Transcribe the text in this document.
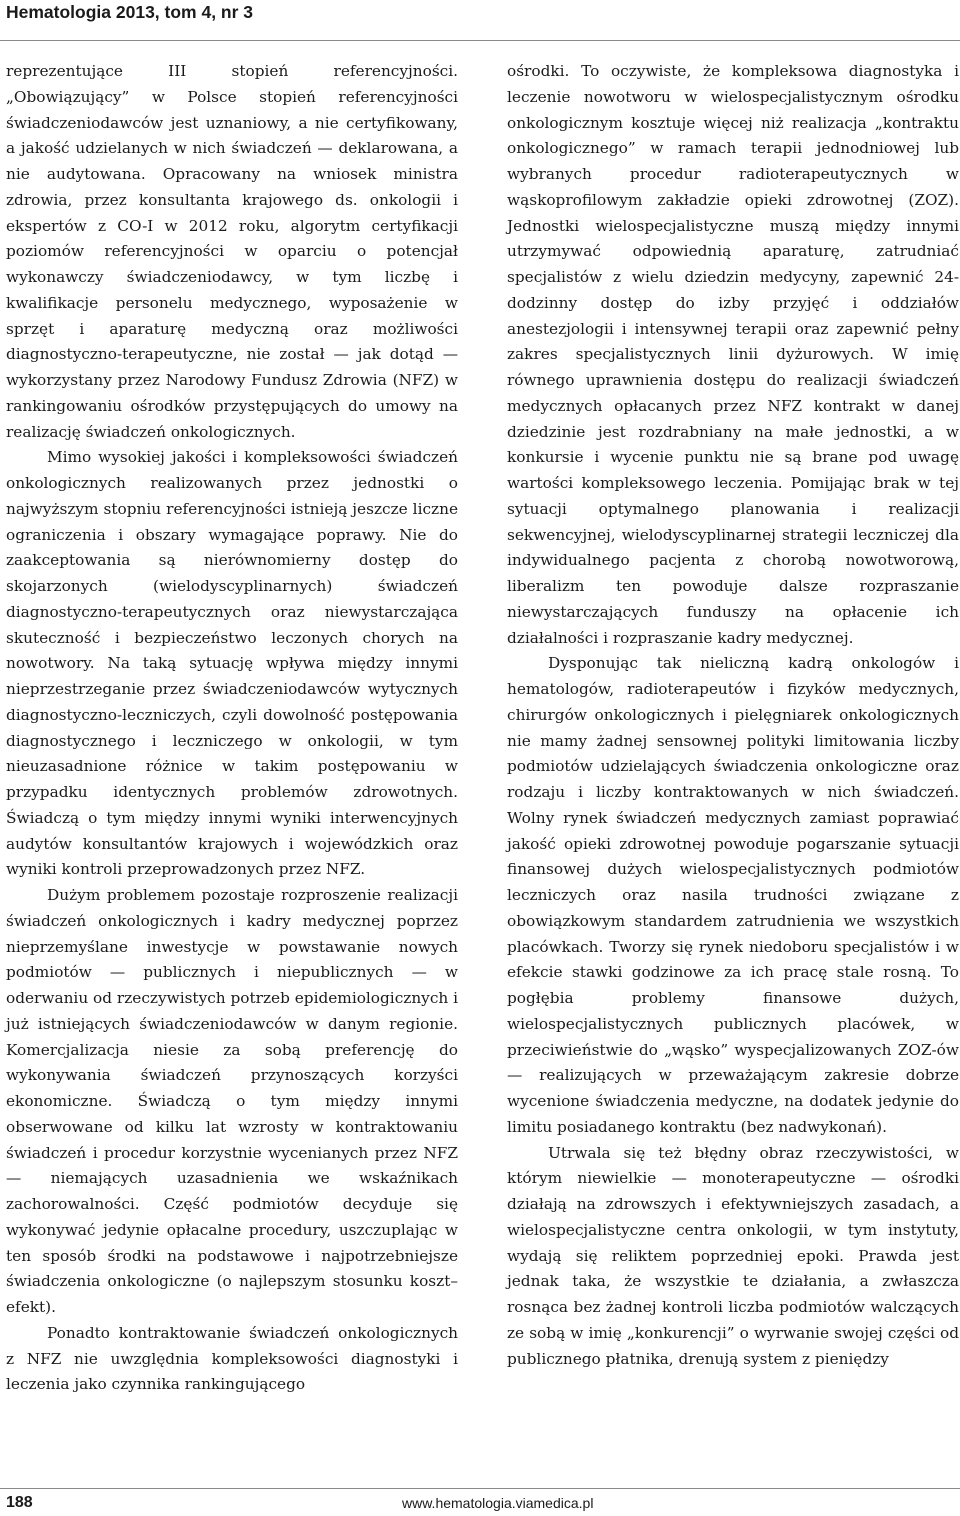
Hematologia 2013, tom 4, nr 3

reprezentujące III stopień referencyjności. „Obowiązujący” w Polsce stopień referencyjności świadczeniodawców jest uznaniowy, a nie certyfikowany, a jakość udzielanych w nich świadczeń — deklarowana, a nie audytowana. Opracowany na wniosek ministra zdrowia, przez konsultanta krajowego ds. onkologii i ekspertów z CO-I w 2012 roku, algorytm certyfikacji poziomów referencyjności w oparciu o potencjał wykonawczy świadczeniodawcy, w tym liczbę i kwalifikacje personelu medycznego, wyposażenie w sprzęt i aparaturę medyczną oraz możliwości diagnostyczno-terapeutyczne, nie został — jak dotąd — wykorzystany przez Narodowy Fundusz Zdrowia (NFZ) w rankingowaniu ośrodków przystępujących do umowy na realizację świadczeń onkologicznych.

Mimo wysokiej jakości i kompleksowości świadczeń onkologicznych realizowanych przez jednostki o najwyższym stopniu referencyjności istnieją jeszcze liczne ograniczenia i obszary wymagające poprawy. Nie do zaakceptowania są nierównomierny dostęp do skojarzonych (wielodyscyplinarnych) świadczeń diagnostyczno-terapeutycznych oraz niewystarczająca skuteczność i bezpieczeństwo leczonych chorych na nowotwory. Na taką sytuację wpływa między innymi nieprzestrzeganie przez świadczeniodawców wytycznych diagnostyczno-leczniczych, czyli dowolność postępowania diagnostycznego i leczniczego w onkologii, w tym nieuzasadnione różnice w takim postępowaniu w przypadku identycznych problemów zdrowotnych. Świadczą o tym między innymi wyniki interwencyjnych audytów konsultantów krajowych i wojewódzkich oraz wyniki kontroli przeprowadzonych przez NFZ.

Dużym problemem pozostaje rozproszenie realizacji świadczeń onkologicznych i kadry medycznej poprzez nieprzemyślane inwestycje w powstawanie nowych podmiotów — publicznych i niepublicznych — w oderwaniu od rzeczywistych potrzeb epidemiologicznych i już istniejących świadczeniodawców w danym regionie. Komercjalizacja niesie za sobą preferencję do wykonywania świadczeń przynoszących korzyści ekonomiczne. Świadczą o tym między innymi obserwowane od kilku lat wzrosty w kontraktowaniu świadczeń i procedur korzystnie wycenianych przez NFZ — niemających uzasadnienia we wskaźnikach zachorowalności. Część podmiotów decyduje się wykonywać jedynie opłacalne procedury, uszczuplając w ten sposób środki na podstawowe i najpotrzebniejsze świadczenia onkologiczne (o najlepszym stosunku koszt–efekt).

Ponadto kontraktowanie świadczeń onkologicznych z NFZ nie uwzględnia kompleksowości diagnostyki i leczenia jako czynnika rankingującego

ośrodki. To oczywiste, że kompleksowa diagnostyka i leczenie nowotworu w wielospecjalistycznym ośrodku onkologicznym kosztuje więcej niż realizacja „kontraktu onkologicznego” w ramach terapii jednodniowej lub wybranych procedur radioterapeutycznych w wąskoprofilowym zakładzie opieki zdrowotnej (ZOZ). Jednostki wielospecjalistyczne muszą między innymi utrzymywać odpowiednią aparaturę, zatrudniać specjalistów z wielu dziedzin medycyny, zapewnić 24-dodzinny dostęp do izby przyjęć i oddziałów anestezjologii i intensywnej terapii oraz zapewnić pełny zakres specjalistycznych linii dyżurowych. W imię równego uprawnienia dostępu do realizacji świadczeń medycznych opłacanych przez NFZ kontrakt w danej dziedzinie jest rozdrabniany na małe jednostki, a w konkursie i wycenie punktu nie są brane pod uwagę wartości kompleksowego leczenia. Pomijając brak w tej sytuacji optymalnego planowania i realizacji sekwencyjnej, wielodyscyplinarnej strategii leczniczej dla indywidualnego pacjenta z chorobą nowotworową, liberalizm ten powoduje dalsze rozpraszanie niewystarczających funduszy na opłacenie ich działalności i rozpraszanie kadry medycznej.

Dysponując tak nieliczną kadrą onkologów i hematologów, radioterapeutów i fizyków medycznych, chirurgów onkologicznych i pielęgniarek onkologicznych nie mamy żadnej sensownej polityki limitowania liczby podmiotów udzielających świadczenia onkologiczne oraz rodzaju i liczby kontraktowanych w nich świadczeń. Wolny rynek świadczeń medycznych zamiast poprawiać jakość opieki zdrowotnej powoduje pogarszanie sytuacji finansowej dużych wielospecjalistycznych podmiotów leczniczych oraz nasila trudności związane z obowiązkowym standardem zatrudnienia we wszystkich placówkach. Tworzy się rynek niedoboru specjalistów i w efekcie stawki godzinowe za ich pracę stale rosną. To pogłębia problemy finansowe dużych, wielospecjalistycznych publicznych placówek, w przeciwieństwie do „wąsko” wyspecjalizowanych ZOZ-ów — realizujących w przeważającym zakresie dobrze wycenione świadczenia medyczne, na dodatek jedynie do limitu posiadanego kontraktu (bez nadwykonań).

Utrwala się też błędny obraz rzeczywistości, w którym niewielkie — monoterapeutyczne — ośrodki działają na zdrowszych i efektywniejszych zasadach, a wielospecjalistyczne centra onkologii, w tym instytuty, wydają się reliktem poprzedniej epoki. Prawda jest jednak taka, że wszystkie te działania, a zwłaszcza rosnąca bez żadnej kontroli liczba podmiotów walczących ze sobą w imię „konkurencji” o wyrwanie swojej części od publicznego płatnika, drenują system z pieniędzy

188	www.hematologia.viamedica.pl
